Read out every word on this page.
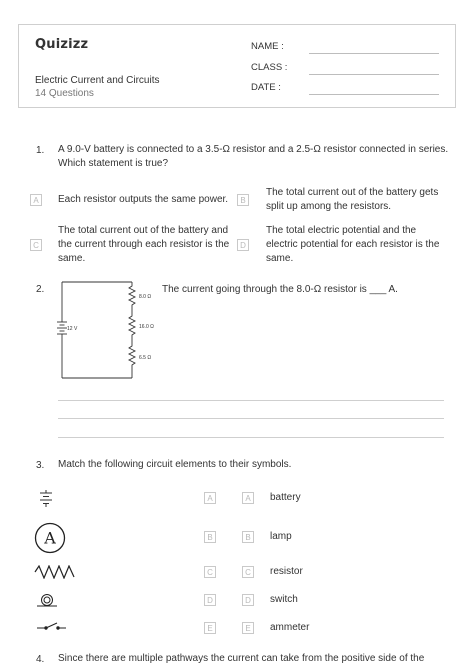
Quizizz
Electric Current and Circuits
14 Questions
NAME :
CLASS :
DATE :
1. A 9.0-V battery is connected to a 3.5-Ω resistor and a 2.5-Ω resistor connected in series.
Which statement is true?
A	Each resistor outputs the same power.	B
The total current out of the battery gets
split up among the resistors.
C
The total current out of the battery and
the current through each resistor is the
same.
D
The total electric potential and the
electric potential for each resistor is the
same.
2.
12 V
8.0 Ω
16.0 Ω
6.5 Ω
The current going through the 8.0-Ω resistor is ___ A.
3. Match the following circuit elements to their symbols.
A
A
B
C
D
E
A
B
C
D
E
battery
lamp
resistor
switch
ammeter
4. Since there are multiple pathways the current can take from the positive side of the
